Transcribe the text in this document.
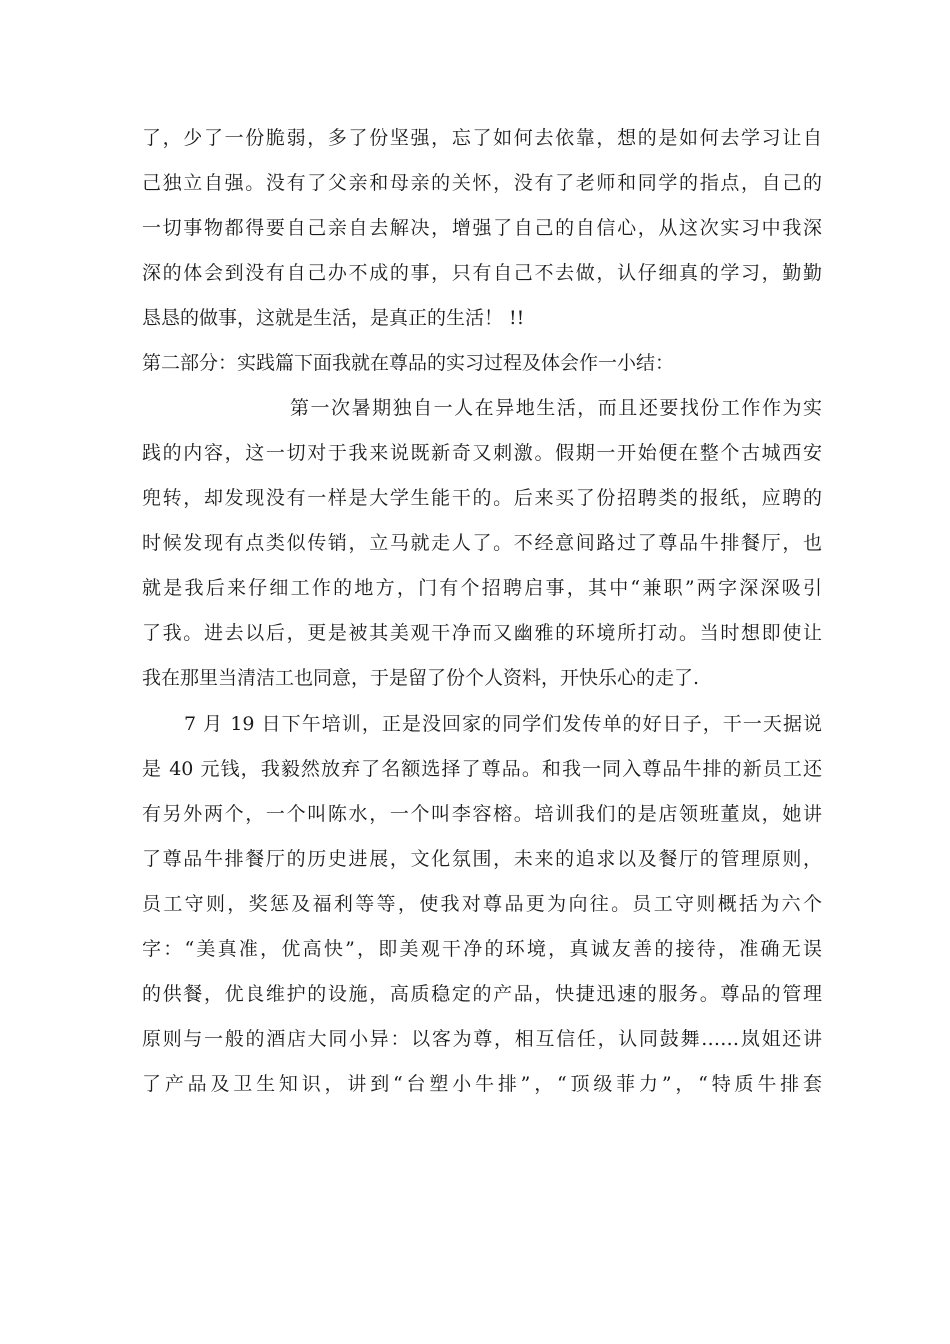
了，少了一份脆弱，多了份坚强，忘了如何去依靠，想的是如何去学习让自
己独立自强。没有了父亲和母亲的关怀，没有了老师和同学的指点，自己的
一切事物都得要自己亲自去解决，增强了自己的自信心，从这次实习中我深
深的体会到没有自己办不成的事，只有自己不去做，认仔细真的学习，勤勤
恳恳的做事，这就是生活，是真正的生活！ !!
第二部分：实践篇下面我就在尊品的实习过程及体会作一小结：
第一次暑期独自一人在异地生活，而且还要找份工作作为实
践的内容，这一切对于我来说既新奇又刺激。假期一开始便在整个古城西安
兜转，却发现没有一样是大学生能干的。后来买了份招聘类的报纸，应聘的
时候发现有点类似传销，立马就走人了。不经意间路过了尊品牛排餐厅，也
就是我后来仔细工作的地方，门有个招聘启事，其中“兼职”两字深深吸引
了我。进去以后，更是被其美观干净而又幽雅的环境所打动。当时想即使让
我在那里当清洁工也同意，于是留了份个人资料，开快乐心的走了.
7 月 19 日下午培训，正是没回家的同学们发传单的好日子，干一天据说
是 40 元钱，我毅然放弃了名额选择了尊品。和我一同入尊品牛排的新员工还
有另外两个，一个叫陈水，一个叫李容榕。培训我们的是店领班董岚，她讲
了尊品牛排餐厅的历史进展，文化氛围，未来的追求以及餐厅的管理原则，
员工守则，奖惩及福利等等，使我对尊品更为向往。员工守则概括为六个
字：“美真准，优高快”，即美观干净的环境，真诚友善的接待，准确无误
的供餐，优良维护的设施，高质稳定的产品，快捷迅速的服务。尊品的管理
原则与一般的酒店大同小异：以客为尊，相互信任，认同鼓舞……岚姐还讲
了产品及卫生知识，讲到“台塑小牛排”，“顶级菲力”，“特质牛排套
